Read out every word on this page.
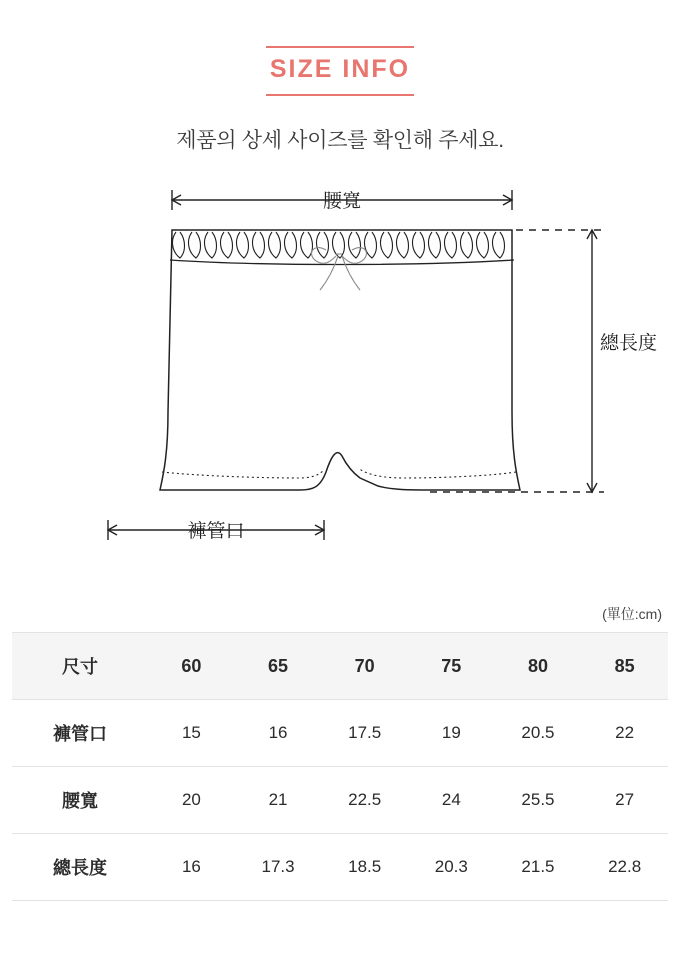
SIZE INFO
제품의 상세 사이즈를 확인해 주세요.
腰寬
總長度
褲管口
(單位:cm)
尺寸	60	65	70	75	80	85
褲管口	15	16	17.5	19	20.5	22
腰寬	20	21	22.5	24	25.5	27
總長度	16	17.3	18.5	20.3	21.5	22.8
